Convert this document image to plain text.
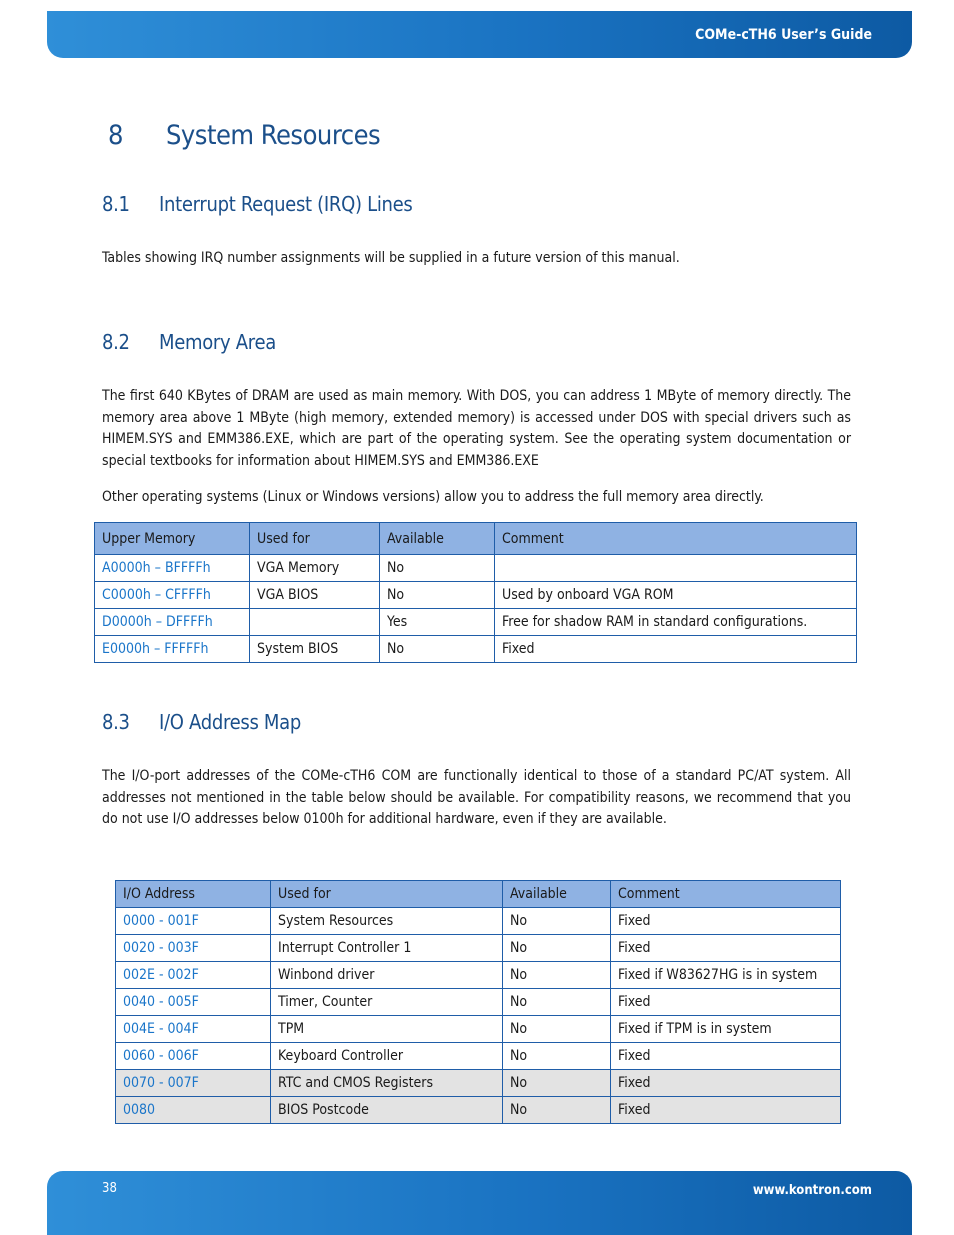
COMe-cTH6 User’s Guide
8 System Resources
8.1 Interrupt Request (IRQ) Lines

Tables showing IRQ number assignments will be supplied in a future version of this manual.

8.2 Memory Area

The first 640 KBytes of DRAM are used as main memory. With DOS, you can address 1 MByte of memory directly. The memory area above 1 MByte (high memory, extended memory) is accessed under DOS with special drivers such as HIMEM.SYS and EMM386.EXE, which are part of the operating system. See the operating system documentation or special textbooks for information about HIMEM.SYS and EMM386.EXE

Other operating systems (Linux or Windows versions) allow you to address the full memory area directly.

Upper Memory	Used for	Available	Comment
A0000h – BFFFFh	VGA Memory	No	
C0000h – CFFFFh	VGA BIOS	No	Used by onboard VGA ROM
D0000h – DFFFFh		Yes	Free for shadow RAM in standard configurations.
E0000h – FFFFFh	System BIOS	No	Fixed
8.3 I/O Address Map

The I/O-port addresses of the COMe-cTH6 COM are functionally identical to those of a standard PC/AT system. All addresses not mentioned in the table below should be available. For compatibility reasons, we recommend that you do not use I/O addresses below 0100h for additional hardware, even if they are available.

I/O Address	Used for	Available	Comment
0000 - 001F	System Resources	No	Fixed
0020 - 003F	Interrupt Controller 1	No	Fixed
002E - 002F	Winbond driver	No	Fixed if W83627HG is in system
0040 - 005F	Timer, Counter	No	Fixed
004E - 004F	TPM	No	Fixed if TPM is in system
0060 - 006F	Keyboard Controller	No	Fixed
0070 - 007F	RTC and CMOS Registers	No	Fixed
0080	BIOS Postcode	No	Fixed
38	www.kontron.com
